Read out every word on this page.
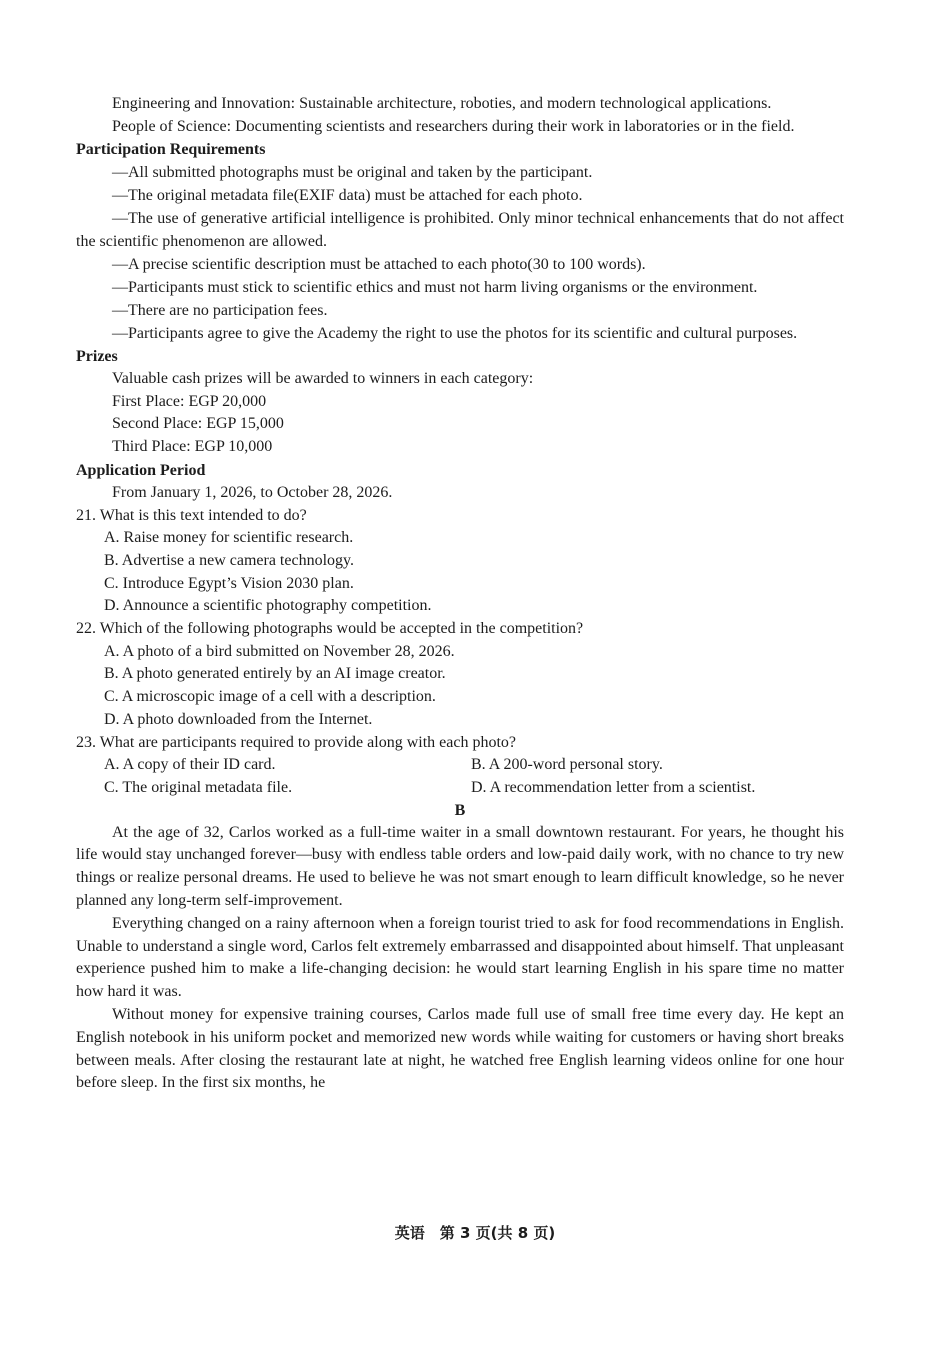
Engineering and Innovation: Sustainable architecture, roboties, and modern technological applications.

People of Science: Documenting scientists and researchers during their work in laboratories or in the field.

Participation Requirements

—All submitted photographs must be original and taken by the participant.

—The original metadata file(EXIF data) must be attached for each photo.

—The use of generative artificial intelligence is prohibited. Only minor technical enhancements that do not affect the scientific phenomenon are allowed.

—A precise scientific description must be attached to each photo(30 to 100 words).

—Participants must stick to scientific ethics and must not harm living organisms or the environment.

—There are no participation fees.

—Participants agree to give the Academy the right to use the photos for its scientific and cultural purposes.

Prizes

Valuable cash prizes will be awarded to winners in each category:

First Place: EGP 20,000

Second Place: EGP 15,000

Third Place: EGP 10,000

Application Period

From January 1, 2026, to October 28, 2026.

21. What is this text intended to do?

A. Raise money for scientific research.

B. Advertise a new camera technology.

C. Introduce Egypt’s Vision 2030 plan.

D. Announce a scientific photography competition.

22. Which of the following photographs would be accepted in the competition?

A. A photo of a bird submitted on November 28, 2026.

B. A photo generated entirely by an AI image creator.

C. A microscopic image of a cell with a description.

D. A photo downloaded from the Internet.

23. What are participants required to provide along with each photo?

A. A copy of their ID card.	B. A 200-word personal story.
C. The original metadata file.	D. A recommendation letter from a scientist.

B

At the age of 32, Carlos worked as a full-time waiter in a small downtown restaurant. For years, he thought his life would stay unchanged forever—busy with endless table orders and low-paid daily work, with no chance to try new things or realize personal dreams. He used to believe he was not smart enough to learn difficult knowledge, so he never planned any long-term self-improvement.

Everything changed on a rainy afternoon when a foreign tourist tried to ask for food recommendations in English. Unable to understand a single word, Carlos felt extremely embarrassed and disappointed about himself. That unpleasant experience pushed him to make a life-changing decision: he would start learning English in his spare time no matter how hard it was.

Without money for expensive training courses, Carlos made full use of small free time every day. He kept an English notebook in his uniform pocket and memorized new words while waiting for customers or having short breaks between meals. After closing the restaurant late at night, he watched free English learning videos online for one hour before sleep. In the first six months, he

英语　第 3 页(共 8 页)
